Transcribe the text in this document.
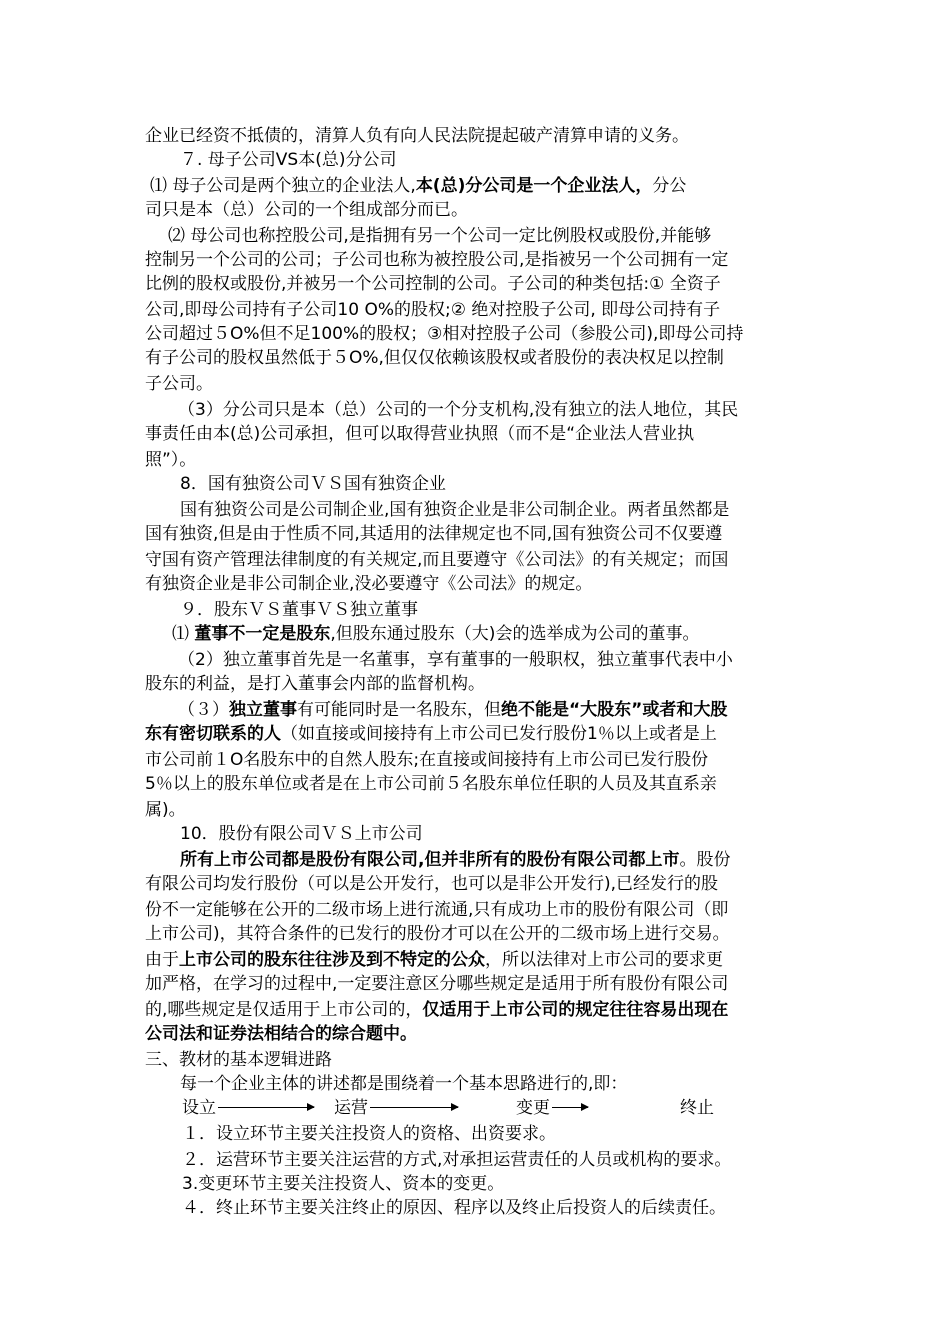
企业已经资不抵债的，清算人负有向人民法院提起破产清算申请的义务。
７. 母子公司VS本(总)分公司
⑴ 母子公司是两个独立的企业法人,本(总)分公司是一个企业法人，分公
司只是本（总）公司的一个组成部分而已。
⑵ 母公司也称控股公司,是指拥有另一个公司一定比例股权或股份,并能够
控制另一个公司的公司；子公司也称为被控股公司,是指被另一个公司拥有一定
比例的股权或股份,并被另一个公司控制的公司。子公司的种类包括:① 全资子
公司,即母公司持有子公司10 O%的股权;② 绝对控股子公司, 即母公司持有子
公司超过５O%但不足100%的股权；③相对控股子公司（参股公司),即母公司持
有子公司的股权虽然低于５O%,但仅仅依赖该股权或者股份的表决权足以控制
子公司。
（3）分公司只是本（总）公司的一个分支机构,没有独立的法人地位，其民
事责任由本(总)公司承担，但可以取得营业执照（而不是“企业法人营业执
照”）。
8．国有独资公司ＶＳ国有独资企业
国有独资公司是公司制企业,国有独资企业是非公司制企业。两者虽然都是
国有独资,但是由于性质不同,其适用的法律规定也不同,国有独资公司不仅要遵
守国有资产管理法律制度的有关规定,而且要遵守《公司法》的有关规定；而国
有独资企业是非公司制企业,没必要遵守《公司法》的规定。
９．股东ＶＳ董事ＶＳ独立董事
⑴ 董事不一定是股东,但股东通过股东（大)会的选举成为公司的董事。
（2）独立董事首先是一名董事，享有董事的一般职权，独立董事代表中小
股东的利益，是打入董事会内部的监督机构。
（３）独立董事有可能同时是一名股东，但绝不能是“大股东”或者和大股
东有密切联系的人（如直接或间接持有上市公司已发行股份1％以上或者是上
市公司前１O名股东中的自然人股东;在直接或间接持有上市公司已发行股份
5％以上的股东单位或者是在上市公司前５名股东单位任职的人员及其直系亲
属)。
10．股份有限公司ＶＳ上市公司
所有上市公司都是股份有限公司,但并非所有的股份有限公司都上市。股份
有限公司均发行股份（可以是公开发行，也可以是非公开发行),已经发行的股
份不一定能够在公开的二级市场上进行流通,只有成功上市的股份有限公司（即
上市公司)，其符合条件的已发行的股份才可以在公开的二级市场上进行交易。
由于上市公司的股东往往涉及到不特定的公众，所以法律对上市公司的要求更
加严格，在学习的过程中,一定要注意区分哪些规定是适用于所有股份有限公司
的,哪些规定是仅适用于上市公司的，仅适用于上市公司的规定往往容易出现在
公司法和证券法相结合的综合题中。
三、教材的基本逻辑进路
每一个企业主体的讲述都是围绕着一个基本思路进行的,即：
设立	运营	变更	终止
１．设立环节主要关注投资人的资格、出资要求。
２．运营环节主要关注运营的方式,对承担运营责任的人员或机构的要求。
3.变更环节主要关注投资人、资本的变更。
４．终止环节主要关注终止的原因、程序以及终止后投资人的后续责任。
